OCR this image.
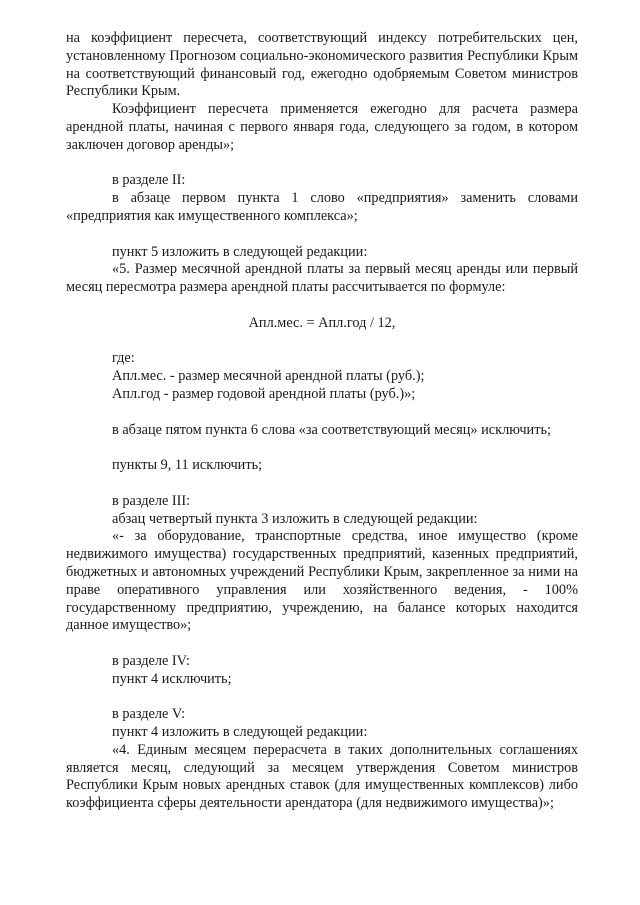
на коэффициент пересчета, соответствующий индексу потребительских цен, установленному Прогнозом социально-экономического развития Республики Крым на соответствующий финансовый год, ежегодно одобряемым Советом министров Республики Крым.

Коэффициент пересчета применяется ежегодно для расчета размера арендной платы, начиная с первого января года, следующего за годом, в котором заключен договор аренды»;

в разделе II:

в абзаце первом пункта 1 слово «предприятия» заменить словами «предприятия как имущественного комплекса»;

пункт 5 изложить в следующей редакции:

«5. Размер месячной арендной платы за первый месяц аренды или первый месяц пересмотра размера арендной платы рассчитывается по формуле:

Апл.мес. = Апл.год / 12,

где:

Апл.мес. - размер месячной арендной платы (руб.);

Апл.год - размер годовой арендной платы (руб.)»;

в абзаце пятом пункта 6 слова «за соответствующий месяц» исключить;

пункты 9, 11 исключить;

в разделе III:

абзац четвертый пункта 3 изложить в следующей редакции:

«- за оборудование, транспортные средства, иное имущество (кроме недвижимого имущества) государственных предприятий, казенных предприятий, бюджетных и автономных учреждений Республики Крым, закрепленное за ними на праве оперативного управления или хозяйственного ведения, - 100% государственному предприятию, учреждению, на балансе которых находится данное имущество»;

в разделе IV:

пункт 4 исключить;

в разделе V:

пункт 4 изложить в следующей редакции:

«4. Единым месяцем перерасчета в таких дополнительных соглашениях является месяц, следующий за месяцем утверждения Советом министров Республики Крым новых арендных ставок (для имущественных комплексов) либо коэффициента сферы деятельности арендатора (для недвижимого имущества)»;
